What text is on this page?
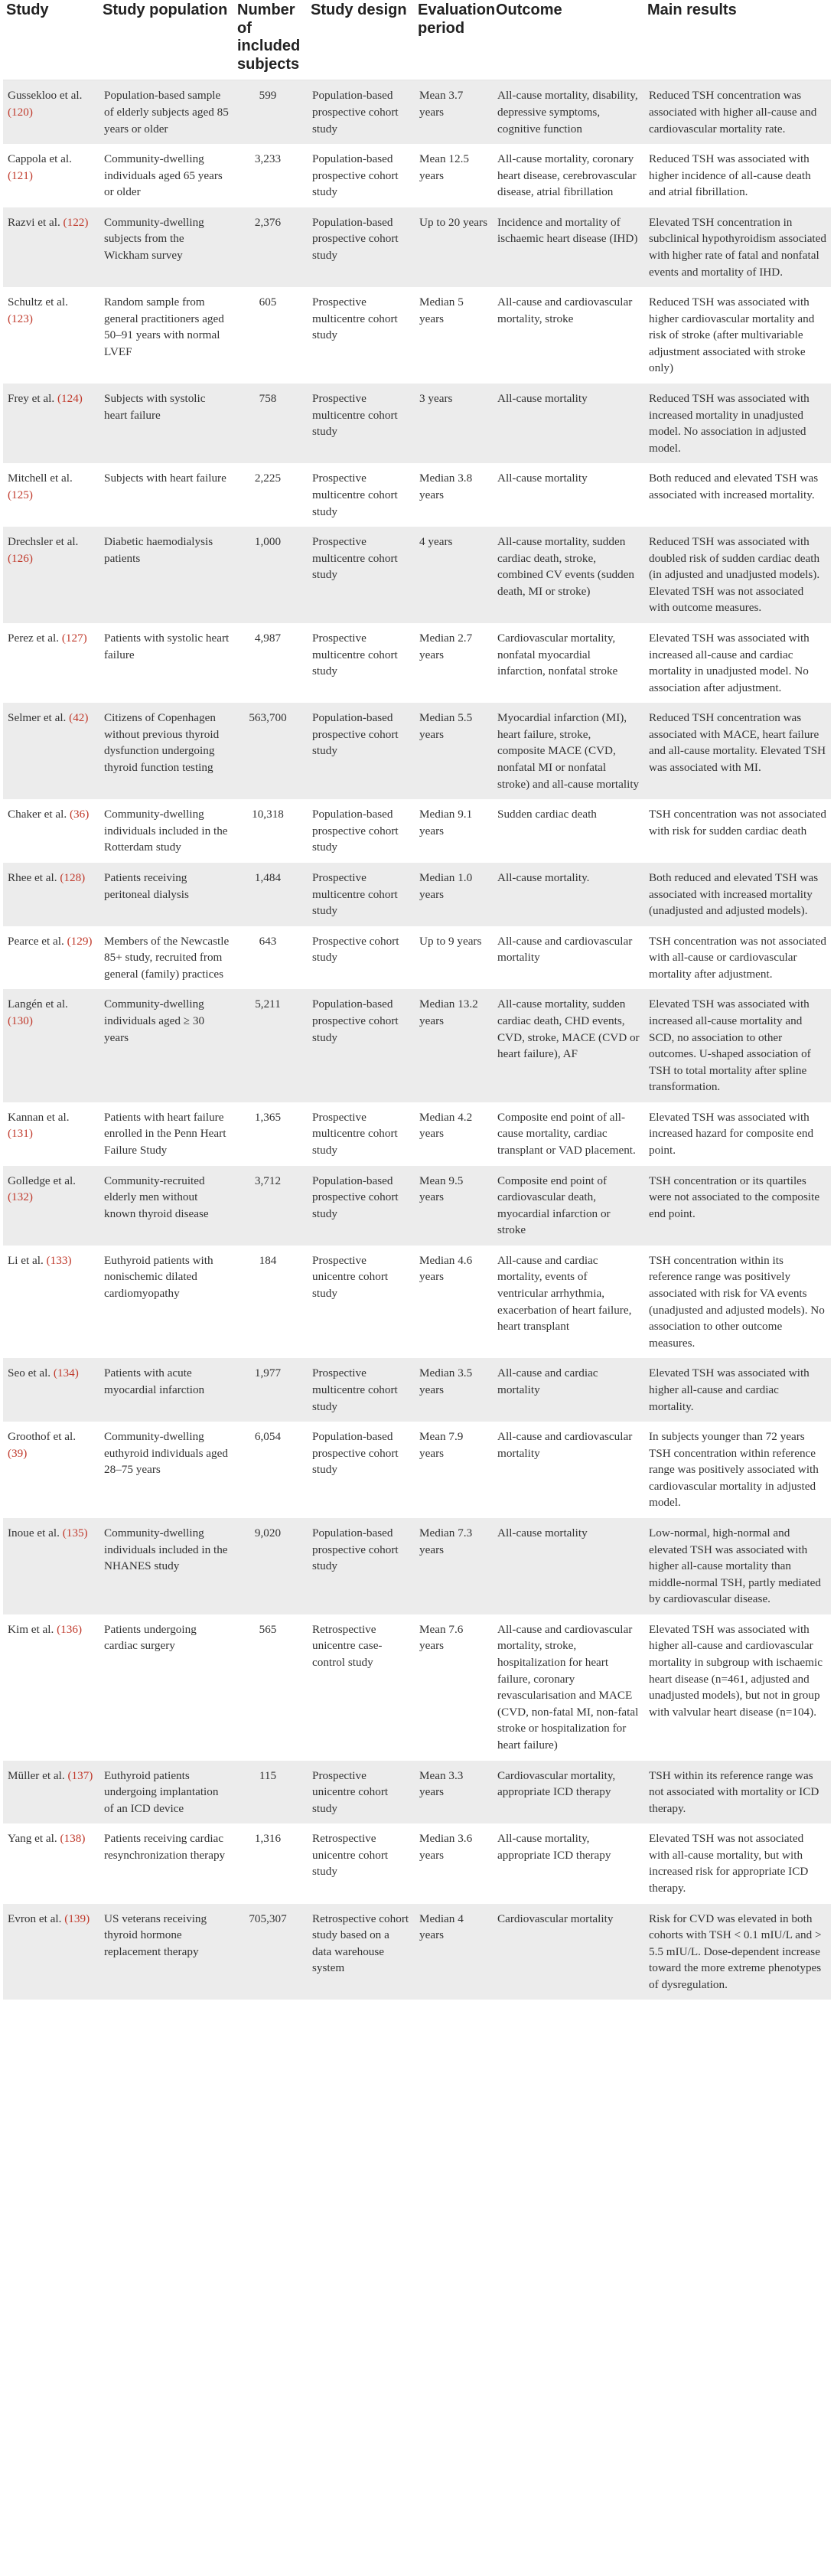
Study	Study population	Number of included subjects	Study design	Evaluation period	Outcome	Main results
Gussekloo et al. (120)	Population-based sample of elderly subjects aged 85 years or older	599	Population-based prospective cohort study	Mean 3.7 years	All-cause mortality, disability, depressive symptoms, cognitive function	Reduced TSH concentration was associated with higher all-cause and cardiovascular mortality rate.
Cappola et al. (121)	Community-dwelling individuals aged 65 years or older	3,233	Population-based prospective cohort study	Mean 12.5 years	All-cause mortality, coronary heart disease, cerebrovascular disease, atrial fibrillation	Reduced TSH was associated with higher incidence of all-cause death and atrial fibrillation.
Razvi et al. (122)	Community-dwelling subjects from the Wickham survey	2,376	Population-based prospective cohort study	Up to 20 years	Incidence and mortality of ischaemic heart disease (IHD)	Elevated TSH concentration in subclinical hypothyroidism associated with higher rate of fatal and nonfatal events and mortality of IHD.
Schultz et al. (123)	Random sample from general practitioners aged 50–91 years with normal LVEF	605	Prospective multicentre cohort study	Median 5 years	All-cause and cardiovascular mortality, stroke	Reduced TSH was associated with higher cardiovascular mortality and risk of stroke (after multivariable adjustment associated with stroke only)
Frey et al. (124)	Subjects with systolic heart failure	758	Prospective multicentre cohort study	3 years	All-cause mortality	Reduced TSH was associated with increased mortality in unadjusted model. No association in adjusted model.
Mitchell et al. (125)	Subjects with heart failure	2,225	Prospective multicentre cohort study	Median 3.8 years	All-cause mortality	Both reduced and elevated TSH was associated with increased mortality.
Drechsler et al. (126)	Diabetic haemodialysis patients	1,000	Prospective multicentre cohort study	4 years	All-cause mortality, sudden cardiac death, stroke, combined CV events (sudden death, MI or stroke)	Reduced TSH was associated with doubled risk of sudden cardiac death (in adjusted and unadjusted models). Elevated TSH was not associated with outcome measures.
Perez et al. (127)	Patients with systolic heart failure	4,987	Prospective multicentre cohort study	Median 2.7 years	Cardiovascular mortality, nonfatal myocardial infarction, nonfatal stroke	Elevated TSH was associated with increased all-cause and cardiac mortality in unadjusted model. No association after adjustment.
Selmer et al. (42)	Citizens of Copenhagen without previous thyroid dysfunction undergoing thyroid function testing	563,700	Population-based prospective cohort study	Median 5.5 years	Myocardial infarction (MI), heart failure, stroke, composite MACE (CVD, nonfatal MI or nonfatal stroke) and all-cause mortality	Reduced TSH concentration was associated with MACE, heart failure and all-cause mortality. Elevated TSH was associated with MI.
Chaker et al. (36)	Community-dwelling individuals included in the Rotterdam study	10,318	Population-based prospective cohort study	Median 9.1 years	Sudden cardiac death	TSH concentration was not associated with risk for sudden cardiac death
Rhee et al. (128)	Patients receiving peritoneal dialysis	1,484	Prospective multicentre cohort study	Median 1.0 years	All-cause mortality.	Both reduced and elevated TSH was associated with increased mortality (unadjusted and adjusted models).
Pearce et al. (129)	Members of the Newcastle 85+ study, recruited from general (family) practices	643	Prospective cohort study	Up to 9 years	All-cause and cardiovascular mortality	TSH concentration was not associated with all-cause or cardiovascular mortality after adjustment.
Langén et al. (130)	Community-dwelling individuals aged ≥ 30 years	5,211	Population-based prospective cohort study	Median 13.2 years	All-cause mortality, sudden cardiac death, CHD events, CVD, stroke, MACE (CVD or heart failure), AF	Elevated TSH was associated with increased all-cause mortality and SCD, no association to other outcomes. U-shaped association of TSH to total mortality after spline transformation.
Kannan et al. (131)	Patients with heart failure enrolled in the Penn Heart Failure Study	1,365	Prospective multicentre cohort study	Median 4.2 years	Composite end point of all-cause mortality, cardiac transplant or VAD placement.	Elevated TSH was associated with increased hazard for composite end point.
Golledge et al. (132)	Community-recruited elderly men without known thyroid disease	3,712	Population-based prospective cohort study	Mean 9.5 years	Composite end point of cardiovascular death, myocardial infarction or stroke	TSH concentration or its quartiles were not associated to the composite end point.
Li et al. (133)	Euthyroid patients with nonischemic dilated cardiomyopathy	184	Prospective unicentre cohort study	Median 4.6 years	All-cause and cardiac mortality, events of ventricular arrhythmia, exacerbation of heart failure, heart transplant	TSH concentration within its reference range was positively associated with risk for VA events (unadjusted and adjusted models). No association to other outcome measures.
Seo et al. (134)	Patients with acute myocardial infarction	1,977	Prospective multicentre cohort study	Median 3.5 years	All-cause and cardiac mortality	Elevated TSH was associated with higher all-cause and cardiac mortality.
Groothof et al. (39)	Community-dwelling euthyroid individuals aged 28–75 years	6,054	Population-based prospective cohort study	Mean 7.9 years	All-cause and cardiovascular mortality	In subjects younger than 72 years TSH concentration within reference range was positively associated with cardiovascular mortality in adjusted model.
Inoue et al. (135)	Community-dwelling individuals included in the NHANES study	9,020	Population-based prospective cohort study	Median 7.3 years	All-cause mortality	Low-normal, high-normal and elevated TSH was associated with higher all-cause mortality than middle-normal TSH, partly mediated by cardiovascular disease.
Kim et al. (136)	Patients undergoing cardiac surgery	565	Retrospective unicentre case-control study	Mean 7.6 years	All-cause and cardiovascular mortality, stroke, hospitalization for heart failure, coronary revascularisation and MACE (CVD, non-fatal MI, non-fatal stroke or hospitalization for heart failure)	Elevated TSH was associated with higher all-cause and cardiovascular mortality in subgroup with ischaemic heart disease (n=461, adjusted and unadjusted models), but not in group with valvular heart disease (n=104).
Müller et al. (137)	Euthyroid patients undergoing implantation of an ICD device	115	Prospective unicentre cohort study	Mean 3.3 years	Cardiovascular mortality, appropriate ICD therapy	TSH within its reference range was not associated with mortality or ICD therapy.
Yang et al. (138)	Patients receiving cardiac resynchronization therapy	1,316	Retrospective unicentre cohort study	Median 3.6 years	All-cause mortality, appropriate ICD therapy	Elevated TSH was not associated with all-cause mortality, but with increased risk for appropriate ICD therapy.
Evron et al. (139)	US veterans receiving thyroid hormone replacement therapy	705,307	Retrospective cohort study based on a data warehouse system	Median 4 years	Cardiovascular mortality	Risk for CVD was elevated in both cohorts with TSH < 0.1 mIU/L and > 5.5 mIU/L. Dose-dependent increase toward the more extreme phenotypes of dysregulation.
